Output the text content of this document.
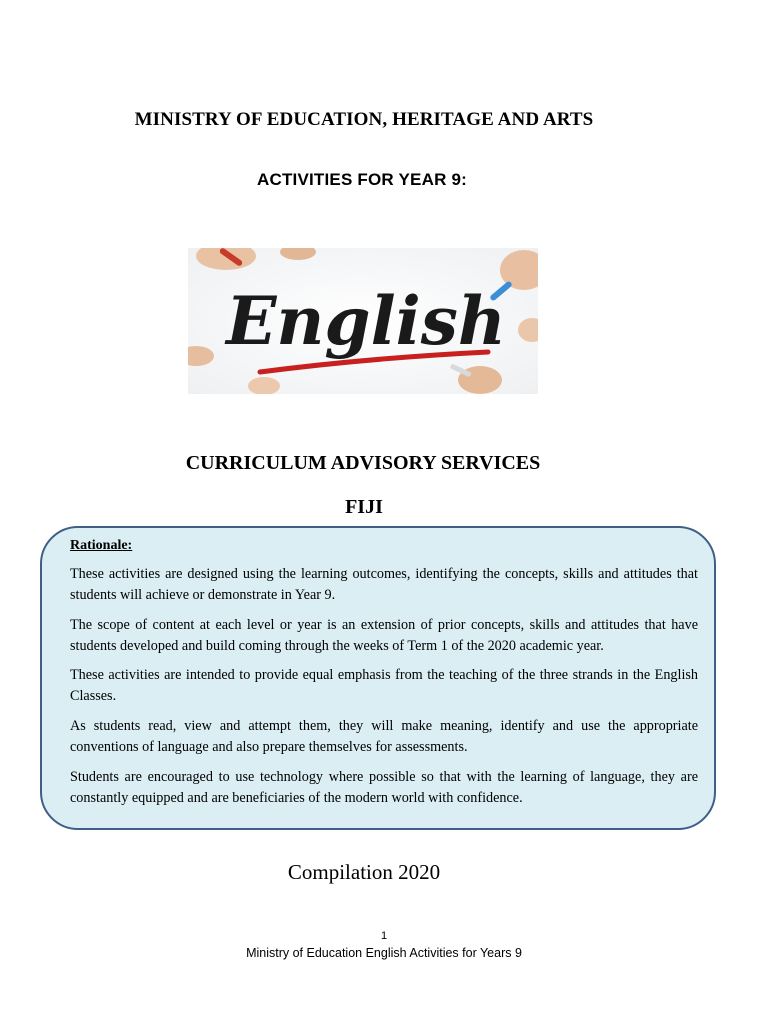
MINISTRY OF EDUCATION, HERITAGE AND ARTS
ACTIVITIES FOR YEAR 9:
English
CURRICULUM ADVISORY SERVICES
FIJI
Rationale:
These activities are designed using the learning outcomes, identifying the concepts, skills and attitudes that students will achieve or demonstrate in Year 9.
The scope of content at each level or year is an extension of prior concepts, skills and attitudes that have students developed and build coming through the weeks of Term 1 of the 2020 academic year.
These activities are intended to provide equal emphasis from the teaching of the three strands in the English Classes.
As students read, view and attempt them, they will make meaning, identify and use the appropriate conventions of language and also prepare themselves for assessments.
Students are encouraged to use technology where possible so that with the learning of language, they are constantly equipped and are beneficiaries of the modern world with confidence.
Compilation 2020
1
Ministry of Education English Activities for Years 9
